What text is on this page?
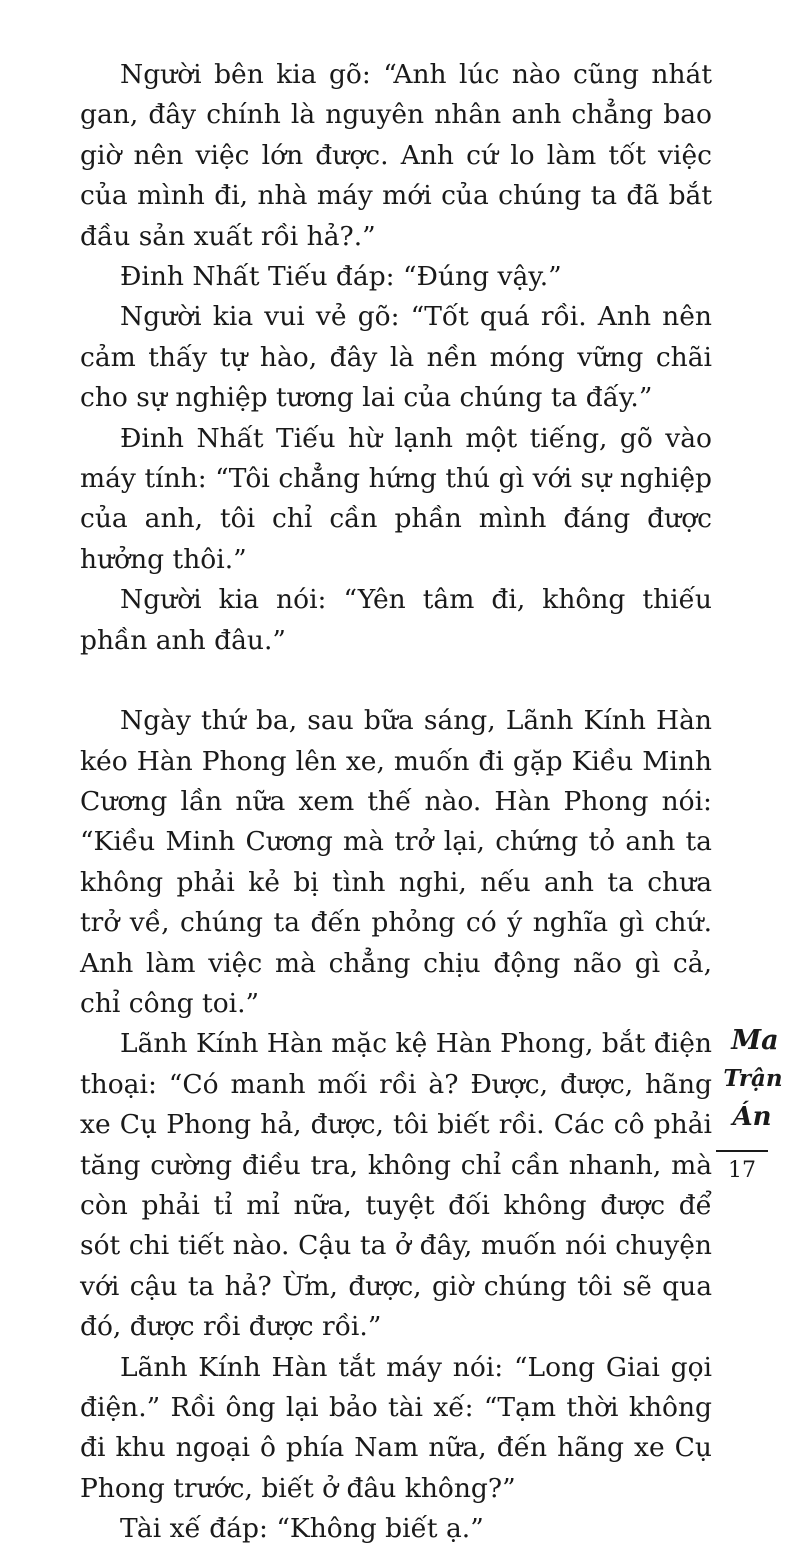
Người bên kia gõ: “Anh lúc nào cũng nhát gan, đây chính là nguyên nhân anh chẳng bao giờ nên việc lớn được. Anh cứ lo làm tốt việc của mình đi, nhà máy mới của chúng ta đã bắt đầu sản xuất rồi hả?.”

Đinh Nhất Tiếu đáp: “Đúng vậy.”

Người kia vui vẻ gõ: “Tốt quá rồi. Anh nên cảm thấy tự hào, đây là nền móng vững chãi cho sự nghiệp tương lai của chúng ta đấy.”

Đinh Nhất Tiếu hừ lạnh một tiếng, gõ vào máy tính: “Tôi chẳng hứng thú gì với sự nghiệp của anh, tôi chỉ cần phần mình đáng được hưởng thôi.”

Người kia nói: “Yên tâm đi, không thiếu phần anh đâu.”

Ngày thứ ba, sau bữa sáng, Lãnh Kính Hàn kéo Hàn Phong lên xe, muốn đi gặp Kiều Minh Cương lần nữa xem thế nào. Hàn Phong nói: “Kiều Minh Cương mà trở lại, chứng tỏ anh ta không phải kẻ bị tình nghi, nếu anh ta chưa trở về, chúng ta đến phỏng có ý nghĩa gì chứ. Anh làm việc mà chẳng chịu động não gì cả, chỉ công toi.”

Lãnh Kính Hàn mặc kệ Hàn Phong, bắt điện thoại: “Có manh mối rồi à? Được, được, hãng xe Cụ Phong hả, được, tôi biết rồi. Các cô phải tăng cường điều tra, không chỉ cần nhanh, mà còn phải tỉ mỉ nữa, tuyệt đối không được để sót chi tiết nào. Cậu ta ở đây, muốn nói chuyện với cậu ta hả? Ừm, được, giờ chúng tôi sẽ qua đó, được rồi được rồi.”

Lãnh Kính Hàn tắt máy nói: “Long Giai gọi điện.” Rồi ông lại bảo tài xế: “Tạm thời không đi khu ngoại ô phía Nam nữa, đến hãng xe Cụ Phong trước, biết ở đâu không?”

Tài xế đáp: “Không biết ạ.”

Ma
Trận
Án
17
